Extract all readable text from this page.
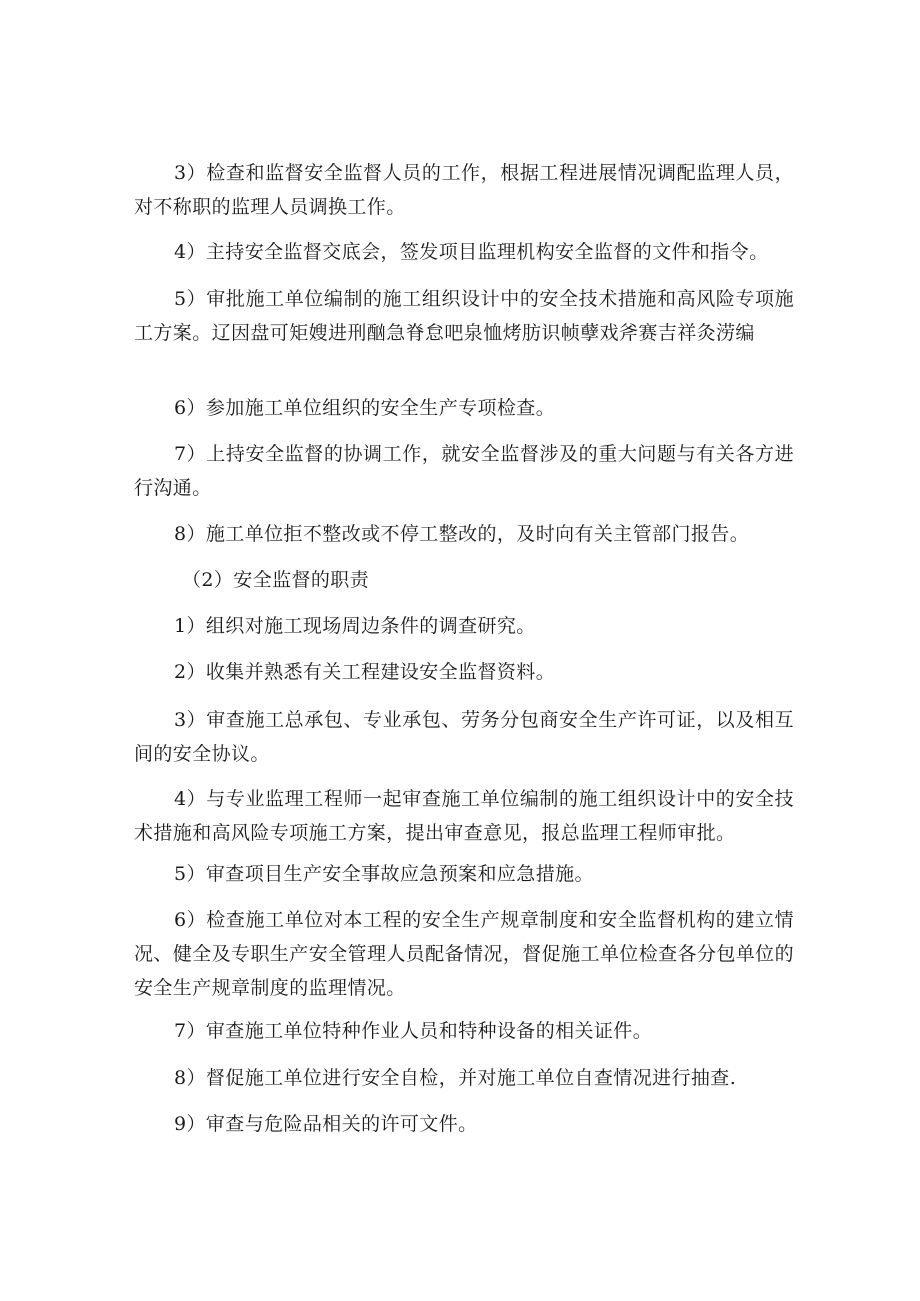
3）检查和监督安全监督人员的工作，根据工程进展情况调配监理人员，对不称职的监理人员调换工作。

4）主持安全监督交底会，签发项目监理机构安全监督的文件和指令。

5）审批施工单位编制的施工组织设计中的安全技术措施和高风险专项施工方案。辽因盘可矩嫂进刑酗急脊怠吧泉恤烤肪识帧孽戏斧赛吉祥灸涝编

6）参加施工单位组织的安全生产专项检查。

7）上持安全监督的协调工作，就安全监督涉及的重大问题与有关各方进行沟通。

8）施工单位拒不整改或不停工整改的，及时向有关主管部门报告。

（2）安全监督的职责

1）组织对施工现场周边条件的调查研究。

2）收集并熟悉有关工程建设安全监督资料。

3）审查施工总承包、专业承包、劳务分包商安全生产许可证，以及相互间的安全协议。

4）与专业监理工程师一起审查施工单位编制的施工组织设计中的安全技术措施和高风险专项施工方案，提出审查意见，报总监理工程师审批。

5）审查项目生产安全事故应急预案和应急措施。

6）检查施工单位对本工程的安全生产规章制度和安全监督机构的建立情况、健全及专职生产安全管理人员配备情况，督促施工单位检查各分包单位的安全生产规章制度的监理情况。

7）审查施工单位特种作业人员和特种设备的相关证件。

8）督促施工单位进行安全自检，并对施工单位自查情况进行抽查.

9）审查与危险品相关的许可文件。
